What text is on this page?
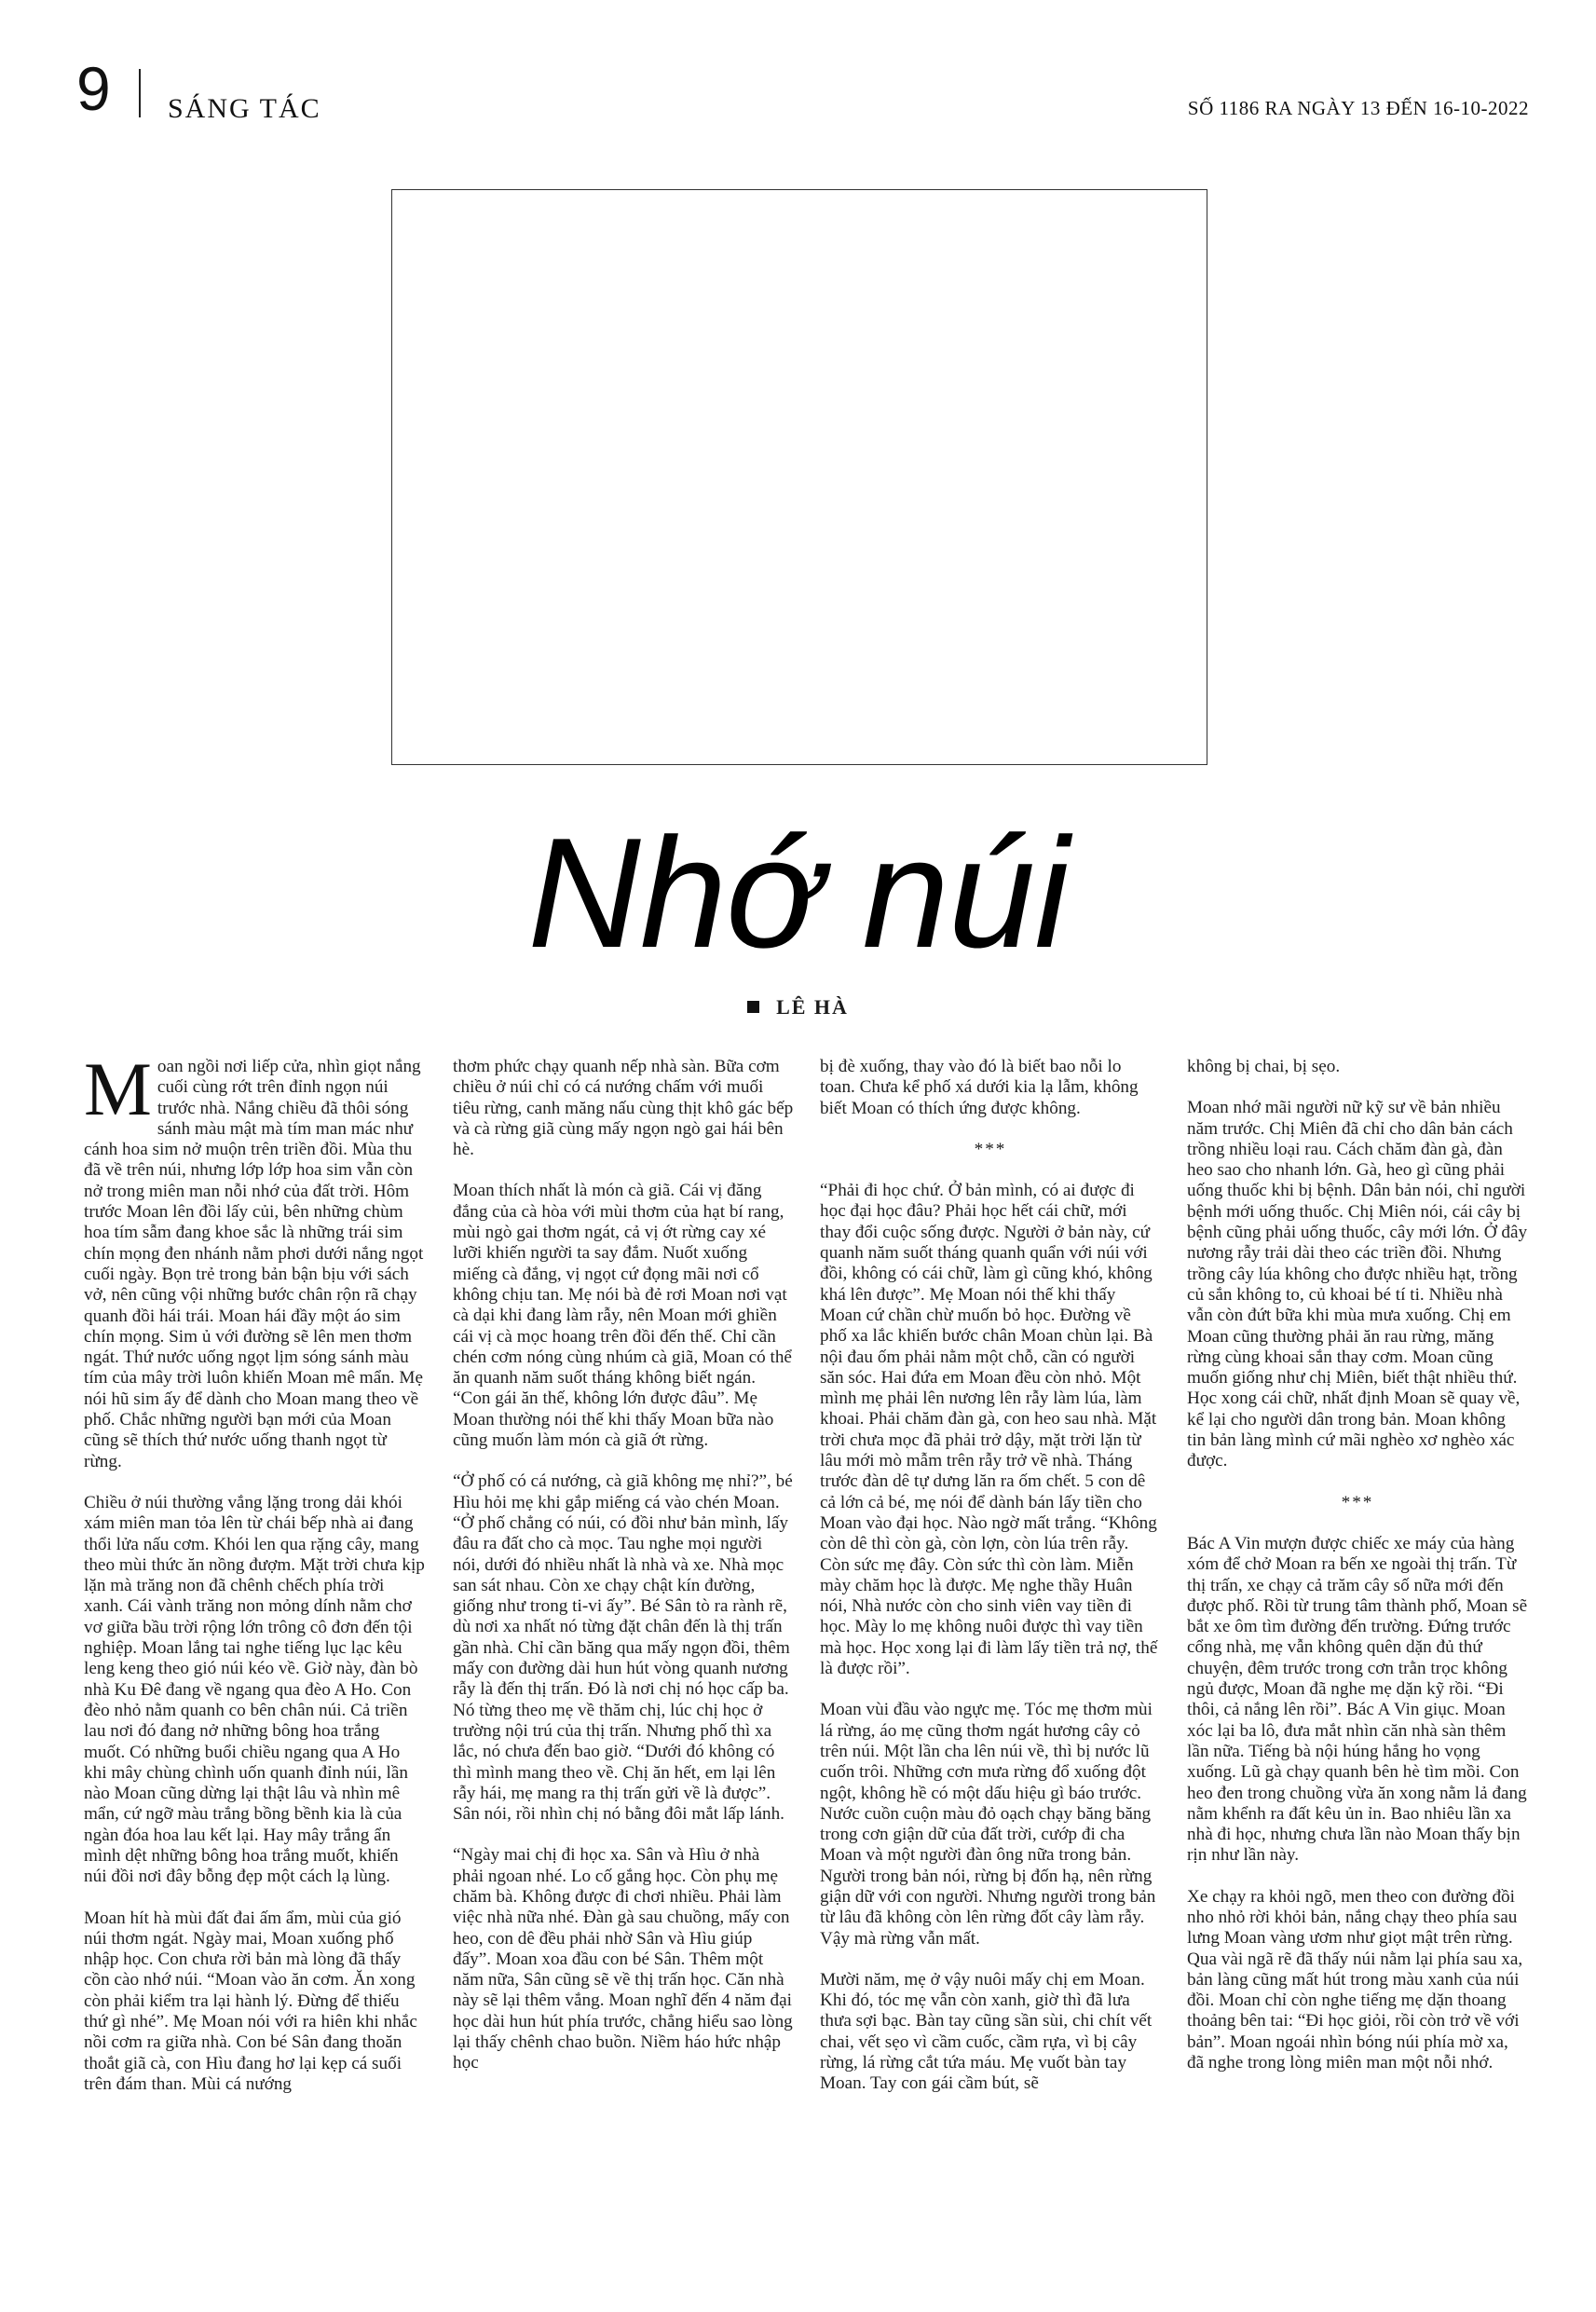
9 SÁNG TÁC	SỐ 1186 RA NGÀY 13 ĐẾN 16-10-2022
Nhớ núi
LÊ HÀ

Moan ngồi nơi liếp cửa, nhìn giọt nắng cuối cùng rớt trên đỉnh ngọn núi trước nhà. Nắng chiều đã thôi sóng sánh màu mật mà tím man mác như cánh hoa sim nở muộn trên triền đồi. Mùa thu đã về trên núi, nhưng lớp lớp hoa sim vẫn còn nở trong miên man nỗi nhớ của đất trời. Hôm trước Moan lên đồi lấy củi, bên những chùm hoa tím sẫm đang khoe sắc là những trái sim chín mọng đen nhánh nằm phơi dưới nắng ngọt cuối ngày. Bọn trẻ trong bản bận bịu với sách vở, nên cũng vội những bước chân rộn rã chạy quanh đồi hái trái. Moan hái đầy một áo sim chín mọng. Sim ủ với đường sẽ lên men thơm ngát. Thứ nước uống ngọt lịm sóng sánh màu tím của mây trời luôn khiến Moan mê mẩn. Mẹ nói hũ sim ấy để dành cho Moan mang theo về phố. Chắc những người bạn mới của Moan cũng sẽ thích thứ nước uống thanh ngọt từ rừng.

Chiều ở núi thường vắng lặng trong dải khói xám miên man tỏa lên từ chái bếp nhà ai đang thổi lửa nấu cơm. Khói len qua rặng cây, mang theo mùi thức ăn nồng đượm. Mặt trời chưa kịp lặn mà trăng non đã chênh chếch phía trời xanh. Cái vành trăng non mỏng dính nằm chơ vơ giữa bầu trời rộng lớn trông cô đơn đến tội nghiệp. Moan lắng tai nghe tiếng lục lạc kêu leng keng theo gió núi kéo về. Giờ này, đàn bò nhà Ku Đê đang về ngang qua đèo A Ho. Con đèo nhỏ nằm quanh co bên chân núi. Cả triền lau nơi đó đang nở những bông hoa trắng muốt. Có những buổi chiều ngang qua A Ho khi mây chùng chình uốn quanh đỉnh núi, lần nào Moan cũng dừng lại thật lâu và nhìn mê mẩn, cứ ngỡ màu trắng bồng bềnh kia là của ngàn đóa hoa lau kết lại. Hay mây trắng ẩn mình dệt những bông hoa trắng muốt, khiến núi đồi nơi đây bỗng đẹp một cách lạ lùng.

Moan hít hà mùi đất đai ấm ẩm, mùi của gió núi thơm ngát. Ngày mai, Moan xuống phố nhập học. Con chưa rời bản mà lòng đã thấy cồn cào nhớ núi. “Moan vào ăn cơm. Ăn xong còn phải kiểm tra lại hành lý. Đừng để thiếu thứ gì nhé”. Mẹ Moan nói với ra hiên khi nhắc nồi cơm ra giữa nhà. Con bé Sân đang thoăn thoắt giã cà, con Hìu đang hơ lại kẹp cá suối trên đám than. Mùi cá nướng

thơm phức chạy quanh nếp nhà sàn. Bữa cơm chiều ở núi chỉ có cá nướng chấm với muối tiêu rừng, canh măng nấu cùng thịt khô gác bếp và cà rừng giã cùng mấy ngọn ngò gai hái bên hè.

Moan thích nhất là món cà giã. Cái vị đăng đắng của cà hòa với mùi thơm của hạt bí rang, mùi ngò gai thơm ngát, cả vị ớt rừng cay xé lưỡi khiến người ta say đắm. Nuốt xuống miếng cà đắng, vị ngọt cứ đọng mãi nơi cổ không chịu tan. Mẹ nói bà đẻ rơi Moan nơi vạt cà dại khi đang làm rẫy, nên Moan mới ghiền cái vị cà mọc hoang trên đồi đến thế. Chỉ cần chén cơm nóng cùng nhúm cà giã, Moan có thể ăn quanh năm suốt tháng không biết ngán. “Con gái ăn thế, không lớn được đâu”. Mẹ Moan thường nói thế khi thấy Moan bữa nào cũng muốn làm món cà giã ớt rừng.

“Ở phố có cá nướng, cà giã không mẹ nhỉ?”, bé Hìu hỏi mẹ khi gắp miếng cá vào chén Moan. “Ở phố chẳng có núi, có đồi như bản mình, lấy đâu ra đất cho cà mọc. Tau nghe mọi người nói, dưới đó nhiều nhất là nhà và xe. Nhà mọc san sát nhau. Còn xe chạy chật kín đường, giống như trong ti-vi ấy”. Bé Sân tò ra rành rẽ, dù nơi xa nhất nó từng đặt chân đến là thị trấn gần nhà. Chỉ cần băng qua mấy ngọn đồi, thêm mấy con đường dài hun hút vòng quanh nương rẫy là đến thị trấn. Đó là nơi chị nó học cấp ba. Nó từng theo mẹ về thăm chị, lúc chị học ở trường nội trú của thị trấn. Nhưng phố thì xa lắc, nó chưa đến bao giờ. “Dưới đó không có thì mình mang theo về. Chị ăn hết, em lại lên rẫy hái, mẹ mang ra thị trấn gửi về là được”. Sân nói, rồi nhìn chị nó bằng đôi mắt lấp lánh.

“Ngày mai chị đi học xa. Sân và Hìu ở nhà phải ngoan nhé. Lo cố gắng học. Còn phụ mẹ chăm bà. Không được đi chơi nhiều. Phải làm việc nhà nữa nhé. Đàn gà sau chuồng, mấy con heo, con dê đều phải nhờ Sân và Hìu giúp đấy”. Moan xoa đầu con bé Sân. Thêm một năm nữa, Sân cũng sẽ về thị trấn học. Căn nhà này sẽ lại thêm vắng. Moan nghĩ đến 4 năm đại học dài hun hút phía trước, chẳng hiểu sao lòng lại thấy chênh chao buồn. Niềm háo hức nhập học

bị đè xuống, thay vào đó là biết bao nỗi lo toan. Chưa kể phố xá dưới kia lạ lẫm, không biết Moan có thích ứng được không.

***

“Phải đi học chứ. Ở bản mình, có ai được đi học đại học đâu? Phải học hết cái chữ, mới thay đổi cuộc sống được. Người ở bản này, cứ quanh năm suốt tháng quanh quẩn với núi với đồi, không có cái chữ, làm gì cũng khó, không khá lên được”. Mẹ Moan nói thế khi thấy Moan cứ chần chừ muốn bỏ học. Đường về phố xa lắc khiến bước chân Moan chùn lại. Bà nội đau ốm phải nằm một chỗ, cần có người săn sóc. Hai đứa em Moan đều còn nhỏ. Một mình mẹ phải lên nương lên rẫy làm lúa, làm khoai. Phải chăm đàn gà, con heo sau nhà. Mặt trời chưa mọc đã phải trở dậy, mặt trời lặn từ lâu mới mò mẫm trên rẫy trở về nhà. Tháng trước đàn dê tự dưng lăn ra ốm chết. 5 con dê cả lớn cả bé, mẹ nói để dành bán lấy tiền cho Moan vào đại học. Nào ngờ mất trắng. “Không còn dê thì còn gà, còn lợn, còn lúa trên rẫy. Còn sức mẹ đây. Còn sức thì còn làm. Miễn mày chăm học là được. Mẹ nghe thầy Huân nói, Nhà nước còn cho sinh viên vay tiền đi học. Mày lo mẹ không nuôi được thì vay tiền mà học. Học xong lại đi làm lấy tiền trả nợ, thế là được rồi”.

Moan vùi đầu vào ngực mẹ. Tóc mẹ thơm mùi lá rừng, áo mẹ cũng thơm ngát hương cây cỏ trên núi. Một lần cha lên núi về, thì bị nước lũ cuốn trôi. Những cơn mưa rừng đổ xuống đột ngột, không hề có một dấu hiệu gì báo trước. Nước cuồn cuộn màu đỏ oạch chạy băng băng trong cơn giận dữ của đất trời, cướp đi cha Moan và một người đàn ông nữa trong bản. Người trong bản nói, rừng bị đốn hạ, nên rừng giận dữ với con người. Nhưng người trong bản từ lâu đã không còn lên rừng đốt cây làm rẫy. Vậy mà rừng vẫn mất.

Mười năm, mẹ ở vậy nuôi mấy chị em Moan. Khi đó, tóc mẹ vẫn còn xanh, giờ thì đã lưa thưa sợi bạc. Bàn tay cũng sần sùi, chi chít vết chai, vết sẹo vì cầm cuốc, cầm rựa, vì bị cây rừng, lá rừng cắt tứa máu. Mẹ vuốt bàn tay Moan. Tay con gái cầm bút, sẽ

không bị chai, bị sẹo.

Moan nhớ mãi người nữ kỹ sư về bản nhiều năm trước. Chị Miên đã chỉ cho dân bản cách trồng nhiều loại rau. Cách chăm đàn gà, đàn heo sao cho nhanh lớn. Gà, heo gì cũng phải uống thuốc khi bị bệnh. Dân bản nói, chỉ người bệnh mới uống thuốc. Chị Miên nói, cái cây bị bệnh cũng phải uống thuốc, cây mới lớn. Ở đây nương rẫy trải dài theo các triền đồi. Nhưng trồng cây lúa không cho được nhiều hạt, trồng củ sắn không to, củ khoai bé tí ti. Nhiều nhà vẫn còn đứt bữa khi mùa mưa xuống. Chị em Moan cũng thường phải ăn rau rừng, măng rừng cùng khoai sắn thay cơm. Moan cũng muốn giống như chị Miên, biết thật nhiều thứ. Học xong cái chữ, nhất định Moan sẽ quay về, kể lại cho người dân trong bản. Moan không tin bản làng mình cứ mãi nghèo xơ nghèo xác được.

***

Bác A Vin mượn được chiếc xe máy của hàng xóm để chở Moan ra bến xe ngoài thị trấn. Từ thị trấn, xe chạy cả trăm cây số nữa mới đến được phố. Rồi từ trung tâm thành phố, Moan sẽ bắt xe ôm tìm đường đến trường. Đứng trước cổng nhà, mẹ vẫn không quên dặn đủ thứ chuyện, đêm trước trong cơn trằn trọc không ngủ được, Moan đã nghe mẹ dặn kỹ rồi. “Đi thôi, cả nắng lên rồi”. Bác A Vin giục. Moan xóc lại ba lô, đưa mắt nhìn căn nhà sàn thêm lần nữa. Tiếng bà nội húng hắng ho vọng xuống. Lũ gà chạy quanh bên hè tìm mồi. Con heo đen trong chuồng vừa ăn xong nằm lả đang nằm khểnh ra đất kêu ủn ỉn. Bao nhiêu lần xa nhà đi học, nhưng chưa lần nào Moan thấy bịn rịn như lần này.

Xe chạy ra khỏi ngõ, men theo con đường đồi nho nhỏ rời khỏi bản, nắng chạy theo phía sau lưng Moan vàng ươm như giọt mật trên rừng. Qua vài ngã rẽ đã thấy núi nằm lại phía sau xa, bản làng cũng mất hút trong màu xanh của núi đồi. Moan chỉ còn nghe tiếng mẹ dặn thoang thoảng bên tai: “Đi học giỏi, rồi còn trở về với bản”. Moan ngoái nhìn bóng núi phía mờ xa, đã nghe trong lòng miên man một nỗi nhớ.
